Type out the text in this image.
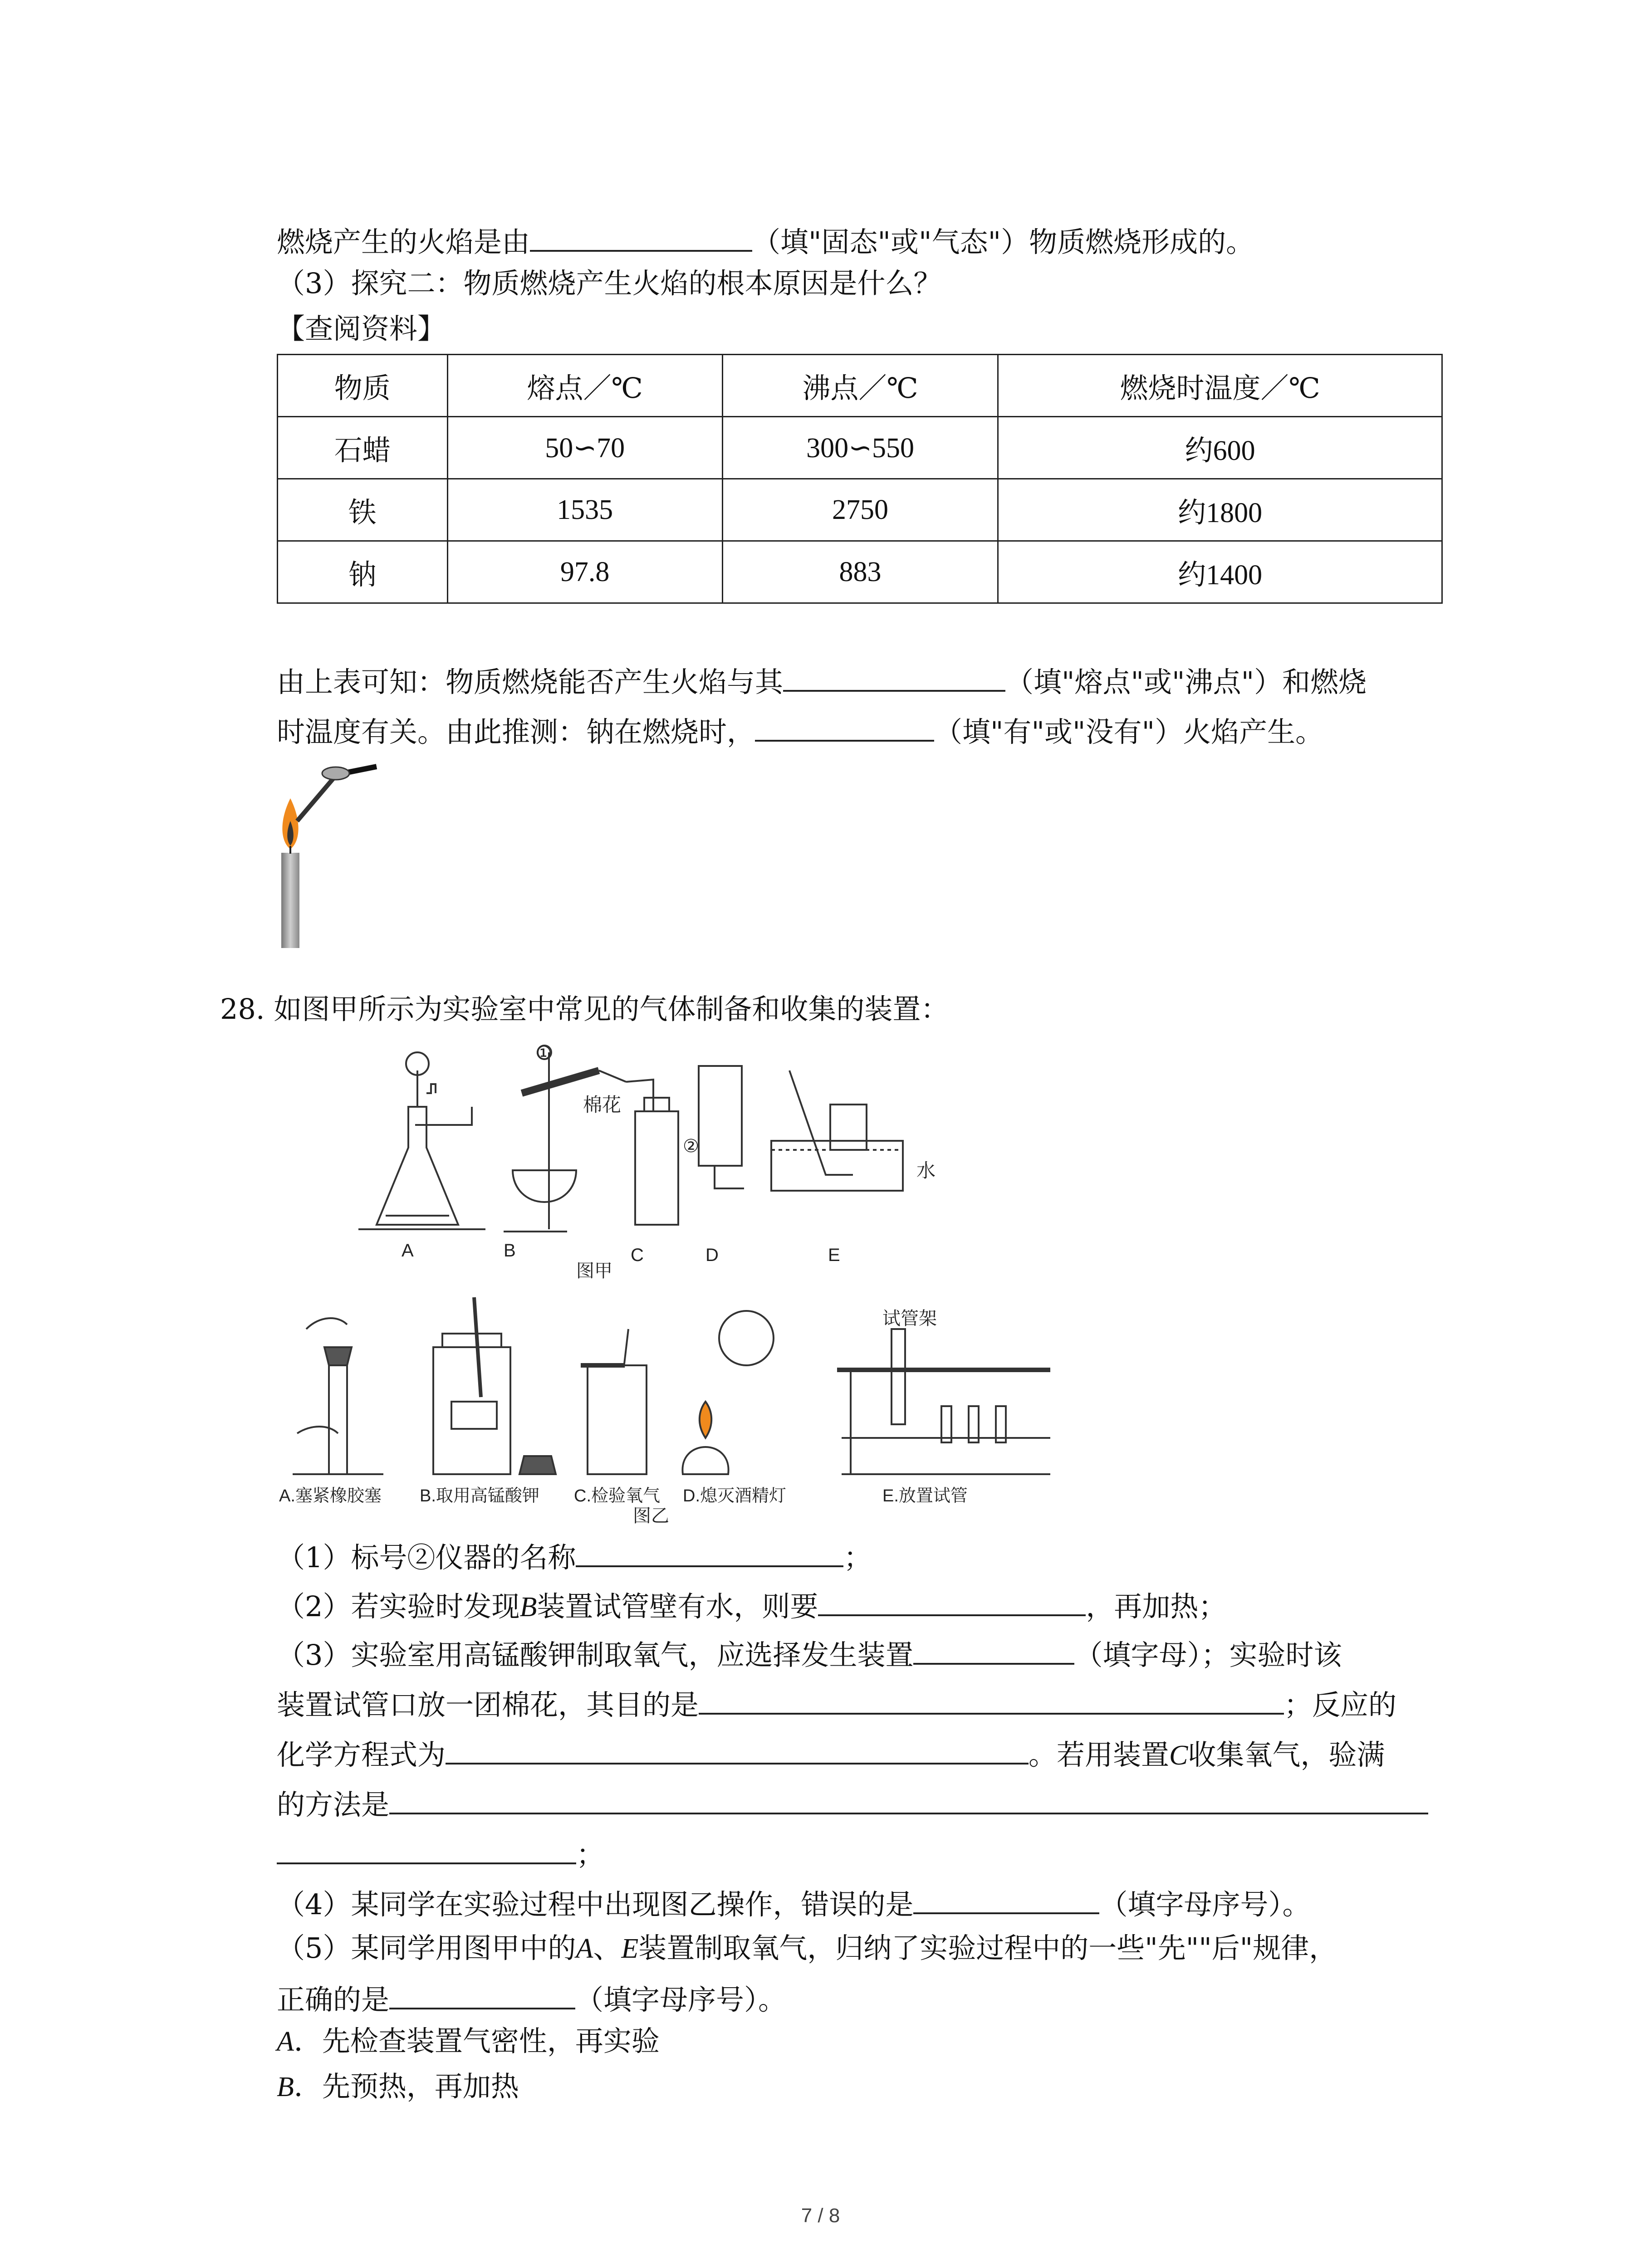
燃烧产生的火焰是由	（填"固态"或"气态"）物质燃烧形成的。
（3）探究二：物质燃烧产生火焰的根本原因是什么？
【查阅资料】
物质	熔点／℃	沸点／℃	燃烧时温度／℃
石蜡	50∽70	300∽550	约600
铁	1535	2750	约1800
钠	97.8	883	约1400
由上表可知：物质燃烧能否产生火焰与其	（填"熔点"或"沸点"）和燃烧
时温度有关。由此推测：钠在燃烧时，	（填"有"或"没有"）火焰产生。
28. 如图甲所示为实验室中常见的气体制备和收集的装置：
棉花
水
①
②
A	B	C	D	E
图甲
试管架
A.塞紧橡胶塞 B.取用高锰酸钾 C.检验氧气 D.熄灭酒精灯	E.放置试管
图乙
（1）标号②仪器的名称	；
（2）若实验时发现B装置试管壁有水，则要	，再加热；
（3）实验室用高锰酸钾制取氧气，应选择发生装置	（填字母）；实验时该
装置试管口放一团棉花，其目的是	；反应的
化学方程式为	。若用装置C收集氧气，验满
的方法是
；
（4）某同学在实验过程中出现图乙操作，错误的是	（填字母序号）。
（5）某同学用图甲中的A、E装置制取氧气，归纳了实验过程中的一些"先""后"规律，
正确的是	（填字母序号）。
A．先检查装置气密性，再实验
B．先预热，再加热
7 / 8
